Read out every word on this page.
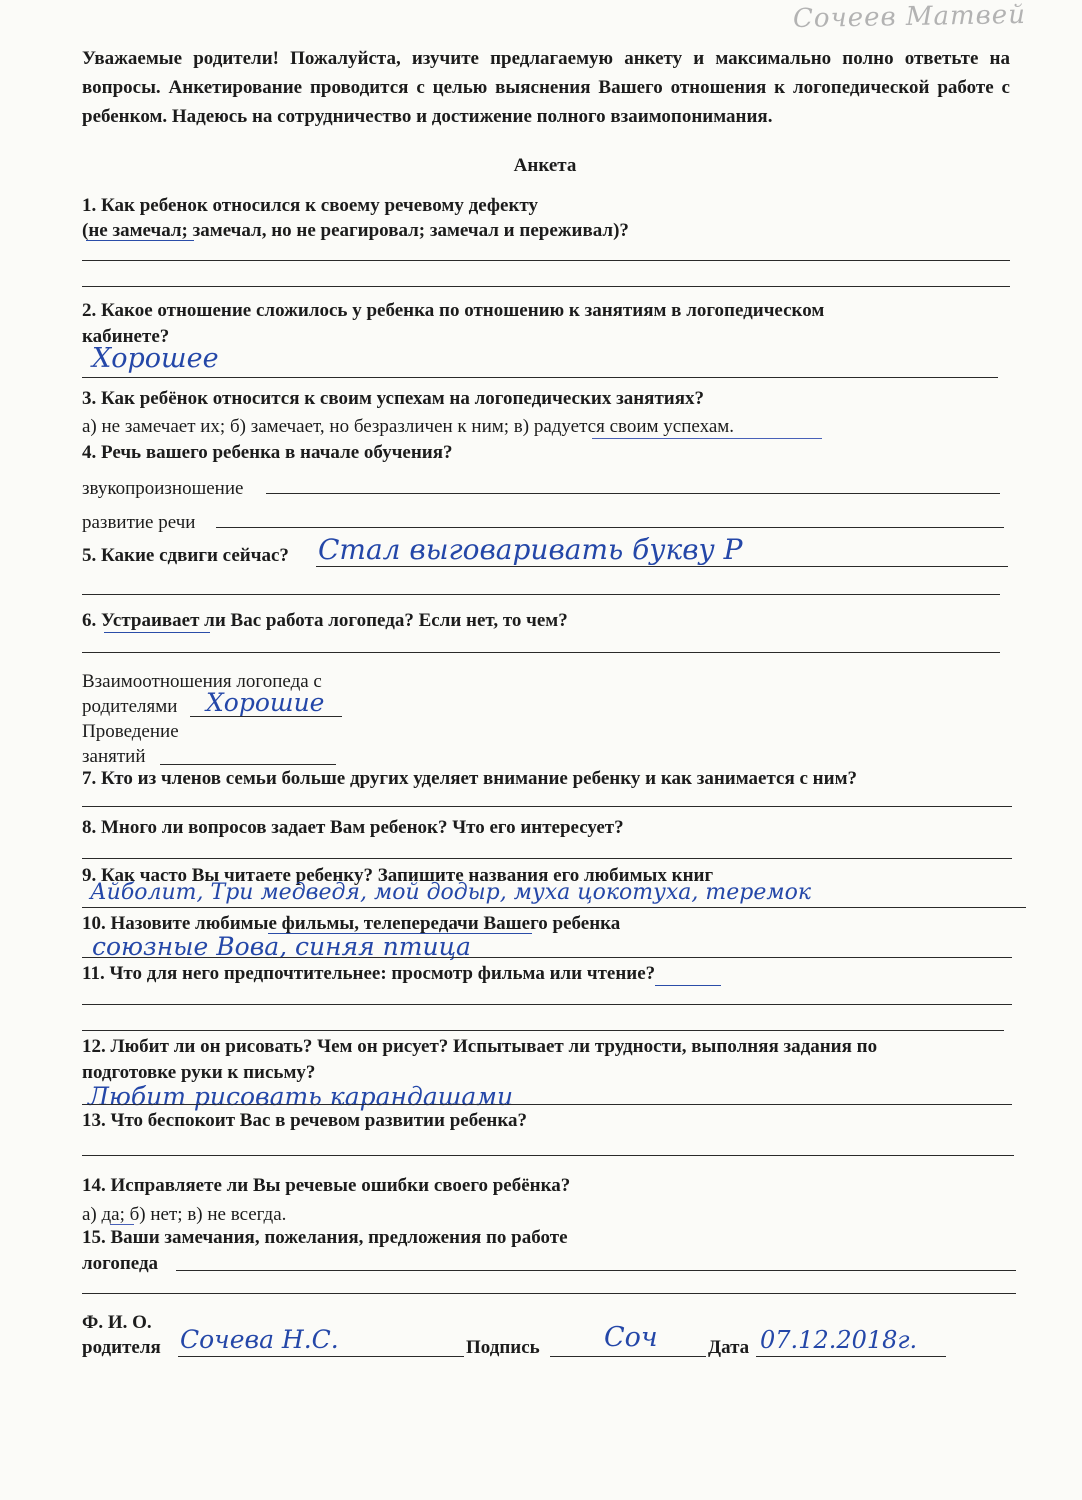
Сочеев Матвей
Уважаемые родители! Пожалуйста, изучите предлагаемую анкету и максимально полно ответьте на вопросы. Анкетирование проводится с целью выяснения Вашего отношения к логопедической работе с ребенком. Надеюсь на сотрудничество и достижение полного взаимопонимания.
Анкета
1. Как ребенок относился к своему речевому дефекту
(не замечал; замечал, но не реагировал; замечал и переживал)?
2. Какое отношение сложилось у ребенка по отношению к занятиям в логопедическом
кабинете?
Хорошее
3. Как ребёнок относится к своим успехам на логопедических занятиях?
а) не замечает их; б) замечает, но безразличен к ним; в) радуется своим успехам.
4. Речь вашего ребенка в начале обучения?
звукопроизношение
развитие речи
5. Какие сдвиги сейчас? Стал выговаривать букву Р
6. Устраивает ли Вас работа логопеда? Если нет, то чем?
Взаимоотношения логопеда с
родителями Хорошие
Проведение
занятий
7. Кто из членов семьи больше других уделяет внимание ребенку и как занимается с ним?
8. Много ли вопросов задает Вам ребенок? Что его интересует?
9. Как часто Вы читаете ребенку? Запишите названия его любимых книг
Айболит, Три медведя, мой додыр, муха цокотуха, теремок
10. Назовите любимые фильмы, телепередачи Вашего ребенка
союзные Вова, синяя птица
11. Что для него предпочтительнее: просмотр фильма или чтение?
12. Любит ли он рисовать? Чем он рисует? Испытывает ли трудности, выполняя задания по
подготовке руки к письму?
Любит рисовать карандашами
13. Что беспокоит Вас в речевом развитии ребенка?
14. Исправляете ли Вы речевые ошибки своего ребёнка?
а) да; б) нет; в) не всегда.
15. Ваши замечания, пожелания, предложения по работе
логопеда
Ф. И. О.
родителя Сочева Н.С.	Подпись Соч	Дата 07.12.2018г.
